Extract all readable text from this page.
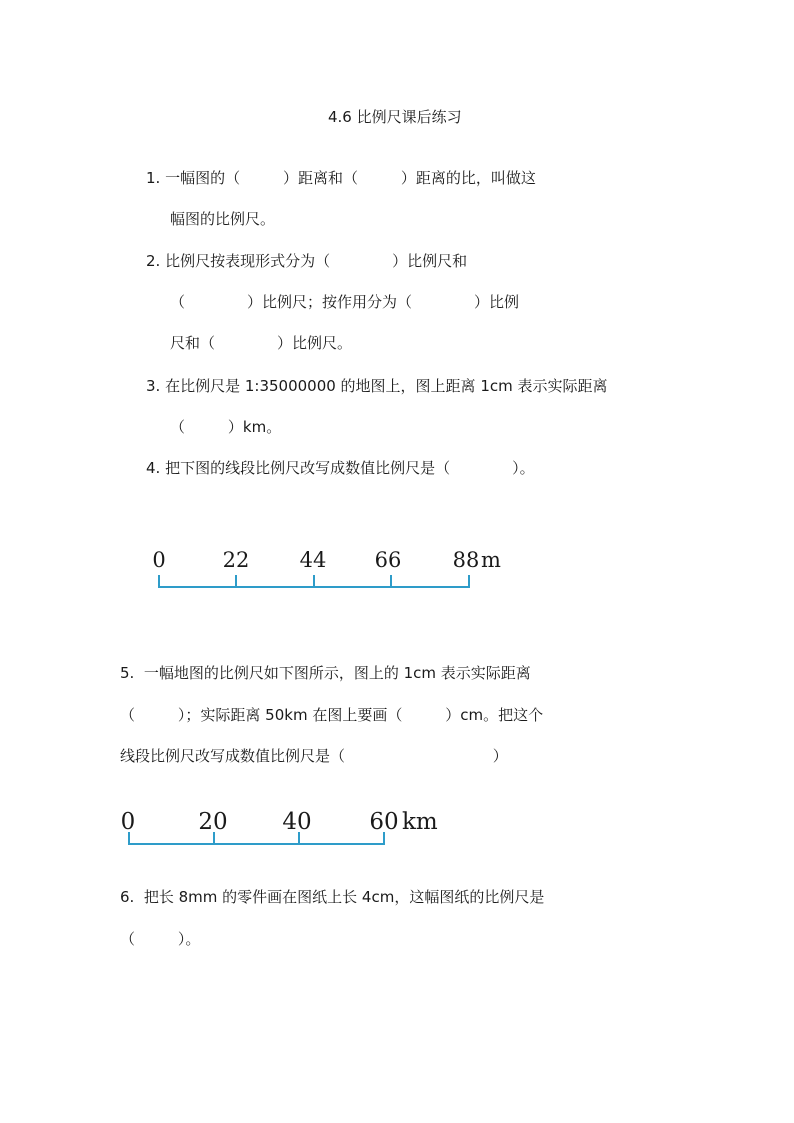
4.6 比例尺课后练习
1. 一幅图的（         ）距离和（         ）距离的比，叫做这
幅图的比例尺。
2. 比例尺按表现形式分为（             ）比例尺和
（             ）比例尺；按作用分为（             ）比例
尺和（             ）比例尺。
3. 在比例尺是 1:35000000 的地图上，图上距离 1cm 表示实际距离
（         ）km。
4. 把下图的线段比例尺改写成数值比例尺是（             ）。
0	22 44 66 88 m
0	20 40	60 km
5.  一幅地图的比例尺如下图所示，图上的 1cm 表示实际距离
（         ）；实际距离 50km 在图上要画（         ）cm。把这个
线段比例尺改写成数值比例尺是（                               ）
6.  把长 8mm 的零件画在图纸上长 4cm，这幅图纸的比例尺是
（         ）。
